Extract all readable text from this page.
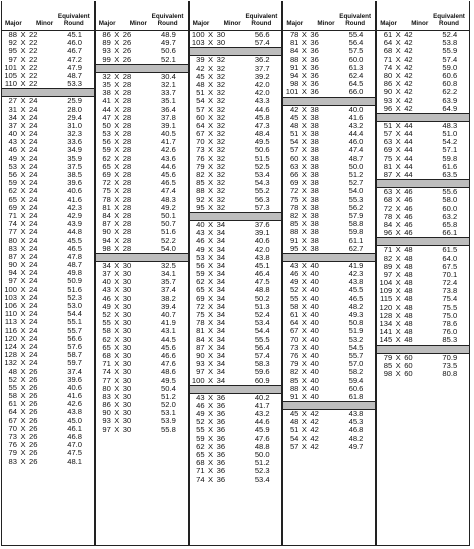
Major Minor
Equivalent
Round
88 X 22	45.1
92 X 22	46.0
95 X 22	46.7
97 X 22	47.2
101 X 22	47.9
105 X 22	48.7
110 X 22	53.3
27 X 24	25.9
31 X 24	28.0
34 X 24	29.4
37 X 24	31.0
40 X 24	32.3
43 X 24	33.6
46 X 24	34.9
49 X 24	35.9
53 X 24	37.5
56 X 24	38.5
59 X 24	39.6
62 X 24	40.6
65 X 24	41.6
69 X 24	42.3
71 X 24	42.9
74 X 24	43.9
77 X 24	44.8
80 X 24	45.5
83 X 24	46.5
87 X 24	47.8
90 X 24	48.7
94 X 24	49.8
97 X 24	50.9
100 X 24	51.6
103 X 24	52.3
106 X 24	53.0
110 X 24	54.4
113 X 24	55.1
116 X 24	55.7
120 X 24	56.6
124 X 24	57.6
128 X 24	58.7
132 X 24	59.7
48 X 26	37.4
52 X 26	39.6
55 X 26	40.6
58 X 26	41.6
61 X 26	42.6
64 X 26	43.8
67 X 26	45.0
70 X 26	46.1
73 X 26	46.8
76 X 26	47.0
79 X 26	47.5
83 X 26	48.1
Major Minor
Equivalent
Round
86 X 26	48.9
89 X 26	49.7
93 X 26	50.6
99 X 26	52.1
32 X 28	30.4
35 X 28	32.1
38 X 28	33.7
41 X 28	35.1
44 X 28	36.4
47 X 28	37.8
50 X 28	39.1
53 X 28	40.5
56 X 28	41.7
59 X 28	42.6
62 X 28	43.6
65 X 28	44.6
69 X 28	45.6
72 X 28	46.5
75 X 28	47.4
78 X 28	48.3
81 X 28	49.2
84 X 28	50.1
87 X 28	50.7
90 X 28	51.6
94 X 28	52.2
98 X 28	54.0
34 X 30	32.5
37 X 30	34.1
40 X 30	35.7
43 X 30	37.4
46 X 30	38.2
49 X 30	39.4
52 X 30	40.7
55 X 30	41.9
58 X 30	43.1
62 X 30	44.5
65 X 30	45.6
68 X 30	46.6
71 X 30	47.6
74 X 30	48.6
77 X 30	49.5
80 X 30	50.4
83 X 30	51.2
86 X 30	52.0
90 X 30	53.1
93 X 30	53.9
97 X 30	55.8
Major Minor
Equivalent
Round
100 X 30	56.6
103 X 30	57.4
39 X 32	36.2
42 X 32	37.7
45 X 32	39.2
48 X 32	42.0
51 X 32	42.0
54 X 32	43.3
57 X 32	44.6
60 X 32	45.8
64 X 32	47.3
67 X 32	48.4
70 X 32	49.5
73 X 32	50.6
76 X 32	51.5
79 X 32	52.5
82 X 32	53.4
85 X 32	54.3
88 X 32	55.2
92 X 32	56.3
95 X 32	57.3
40 X 34	37.6
43 X 34	39.1
46 X 34	40.6
49 X 34	42.0
53 X 34	43.8
56 X 34	45.1
59 X 34	46.4
62 X 34	47.5
65 X 34	48.8
69 X 34	50.2
72 X 34	51.3
75 X 34	52.4
78 X 34	53.4
81 X 34	54.4
84 X 34	55.5
87 X 34	56.4
90 X 34	57.4
93 X 34	58.3
97 X 34	59.6
100 X 34	60.9
43 X 36	40.2
46 X 36	41.7
49 X 36	43.2
52 X 36	44.6
55 X 36	45.9
59 X 36	47.6
62 X 36	48.8
65 X 36	50.0
68 X 36	51.2
71 X 36	52.3
74 X 36	53.4
Major Minor
Equivalent
Round
78 X 36	55.4
81 X 36	56.4
84 X 36	57.5
88 X 36	60.0
91 X 36	61.3
94 X 36	62.4
98 X 36	64.5
101 X 36	66.0
42 X 38	40.0
45 X 38	41.6
48 X 38	43.2
51 X 38	44.4
54 X 38	46.0
57 X 38	47.4
60 X 38	48.7
63 X 38	50.0
66 X 38	51.2
69 X 38	52.7
72 X 38	54.0
75 X 38	55.3
78 X 38	56.2
82 X 38	57.9
85 X 38	58.8
88 X 38	59.8
91 X 38	61.1
95 X 38	62.7
43 X 40	41.9
46 X 40	42.3
49 X 40	43.8
52 X 40	45.5
55 X 40	46.5
58 X 40	48.2
61 X 40	49.3
64 X 40	50.8
67 X 40	51.9
70 X 40	53.2
73 X 40	54.5
76 X 40	55.7
79 X 40	57.0
82 X 40	58.2
85 X 40	59.4
88 X 40	60.6
91 X 40	61.8
45 X 42	43.8
48 X 42	45.3
51 X 42	46.8
54 X 42	48.2
57 X 42	49.7
Major Minor
Equivalent
Round
61 X 42	52.4
64 X 42	53.8
68 X 42	55.9
71 X 42	57.4
74 X 42	59.0
80 X 42	60.6
86 X 42	60.8
90 X 42	62.2
93 X 42	63.9
96 X 42	64.9
51 X 44	48.3
57 X 44	51.0
63 X 44	54.2
69 X 44	57.1
75 X 44	59.8
81 X 44	61.6
87 X 44	63.5
63 X 46	55.6
68 X 46	58.0
72 X 46	60.0
78 X 46	63.2
84 X 46	65.8
96 X 46	66.1
71 X 48	61.5
82 X 48	64.0
89 X 48	67.5
97 X 48	70.1
104 X 48	72.4
109 X 48	73.8
115 X 48	75.4
120 X 48	75.5
128 X 48	75.0
134 X 48	78.6
141 X 48	76.0
145 X 48	85.3
79 X 60	70.9
85 X 60	73.5
98 X 60	80.8
